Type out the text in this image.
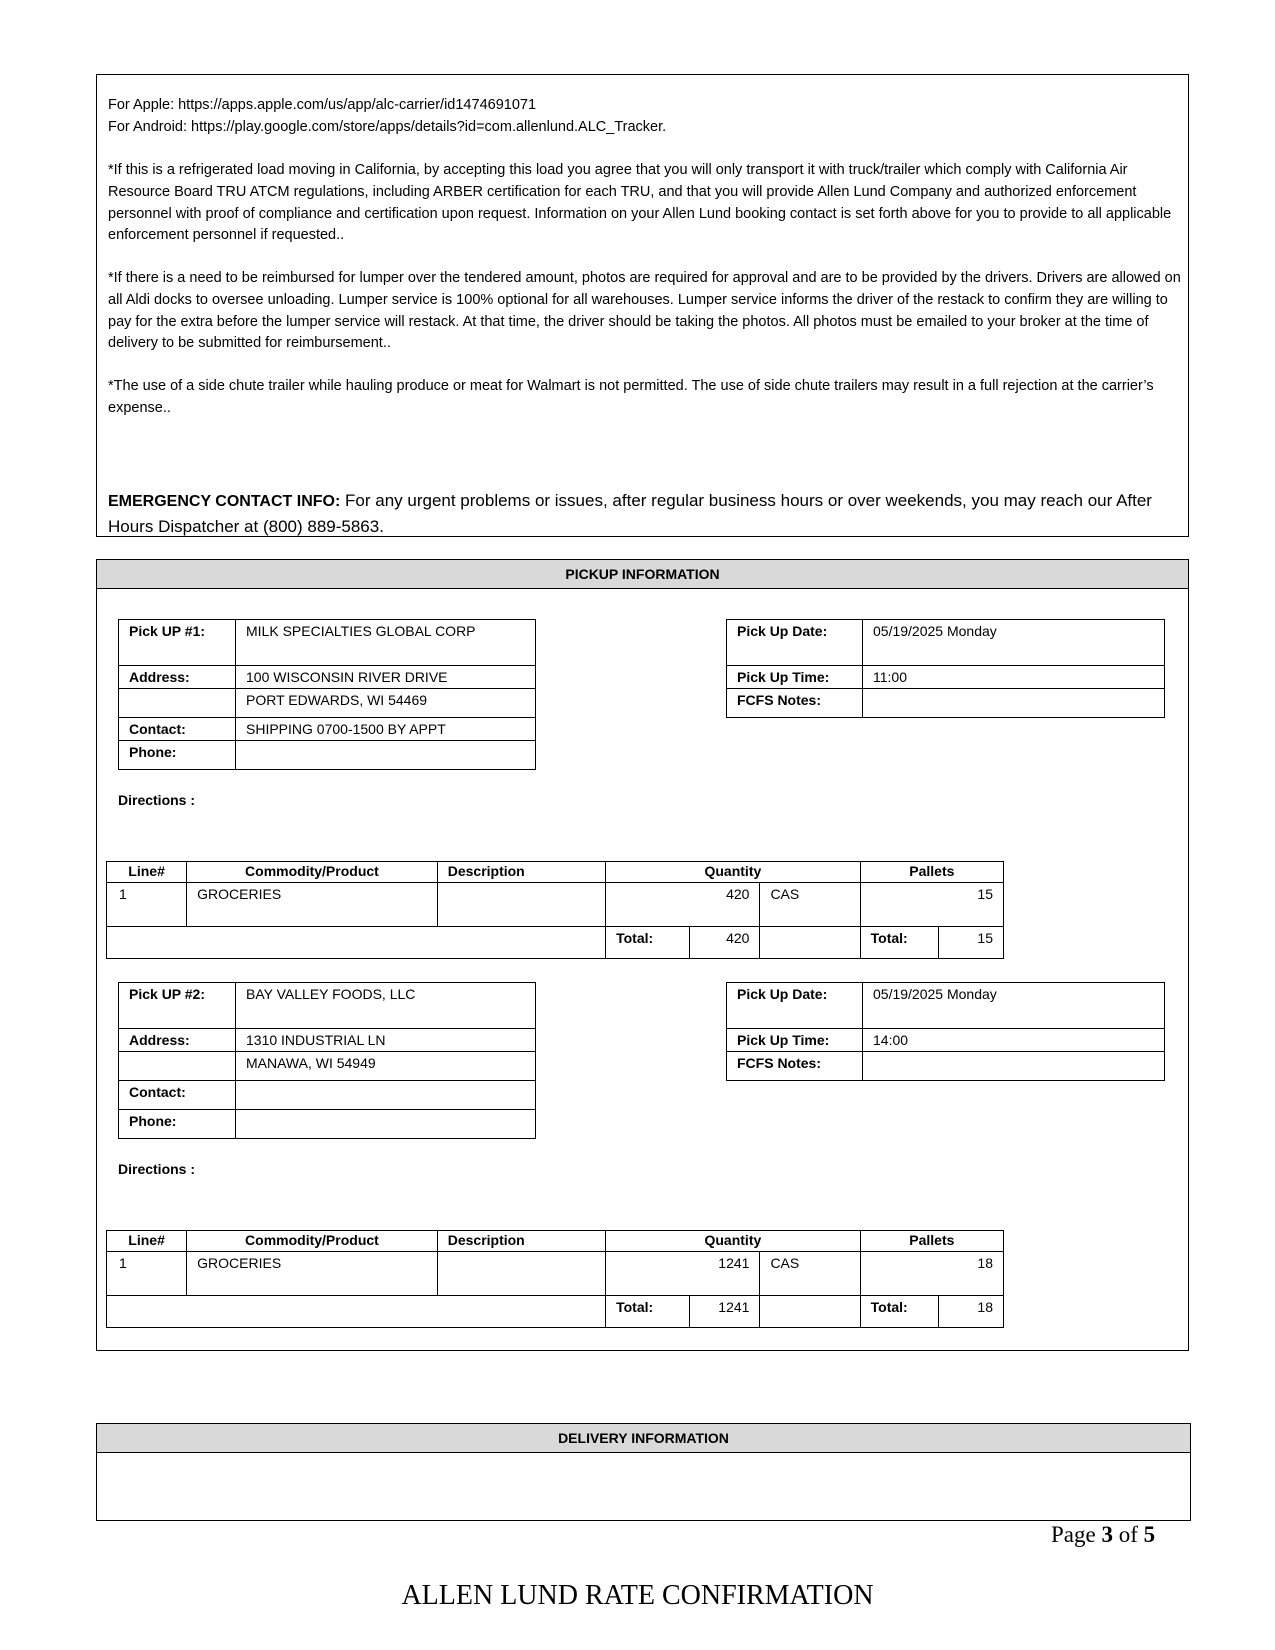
For Apple: https://apps.apple.com/us/app/alc-carrier/id1474691071
For Android: https://play.google.com/store/apps/details?id=com.allenlund.ALC_Tracker.
*If this is a refrigerated load moving in California, by accepting this load you agree that you will only transport it with truck/trailer which comply with California Air Resource Board TRU ATCM regulations, including ARBER certification for each TRU, and that you will provide Allen Lund Company and authorized enforcement personnel with proof of compliance and certification upon request. Information on your Allen Lund booking contact is set forth above for you to provide to all applicable enforcement personnel if requested..
*If there is a need to be reimbursed for lumper over the tendered amount, photos are required for approval and are to be provided by the drivers. Drivers are allowed on all Aldi docks to oversee unloading. Lumper service is 100% optional for all warehouses. Lumper service informs the driver of the restack to confirm they are willing to pay for the extra before the lumper service will restack. At that time, the driver should be taking the photos. All photos must be emailed to your broker at the time of delivery to be submitted for reimbursement..
*The use of a side chute trailer while hauling produce or meat for Walmart is not permitted. The use of side chute trailers may result in a full rejection at the carrier’s expense..
EMERGENCY CONTACT INFO: For any urgent problems or issues, after regular business hours or over weekends, you may reach our After Hours Dispatcher at (800) 889-5863.
PICKUP INFORMATION
Pick UP #1:	MILK SPECIALTIES GLOBAL CORP
Address:	100 WISCONSIN RIVER DRIVE
	PORT EDWARDS, WI 54469
Contact:	SHIPPING 0700-1500 BY APPT
Phone:	
Pick Up Date:	05/19/2025 Monday
Pick Up Time:	11:00
FCFS Notes:	
Directions :
Line#	Commodity/Product	Description	Quantity			Pallets	
1	GROCERIES		420		CAS	15	
			Total:	420		Total:	15
Pick UP #2:	BAY VALLEY FOODS, LLC
Address:	1310 INDUSTRIAL LN
	MANAWA, WI 54949
Contact:	
Phone:	
Pick Up Date:	05/19/2025 Monday
Pick Up Time:	14:00
FCFS Notes:	
Directions :
Line#	Commodity/Product	Description	Quantity			Pallets	
1	GROCERIES		1241		CAS	18	
			Total:	1241		Total:	18
DELIVERY INFORMATION
Page 3 of 5
ALLEN LUND RATE CONFIRMATION
